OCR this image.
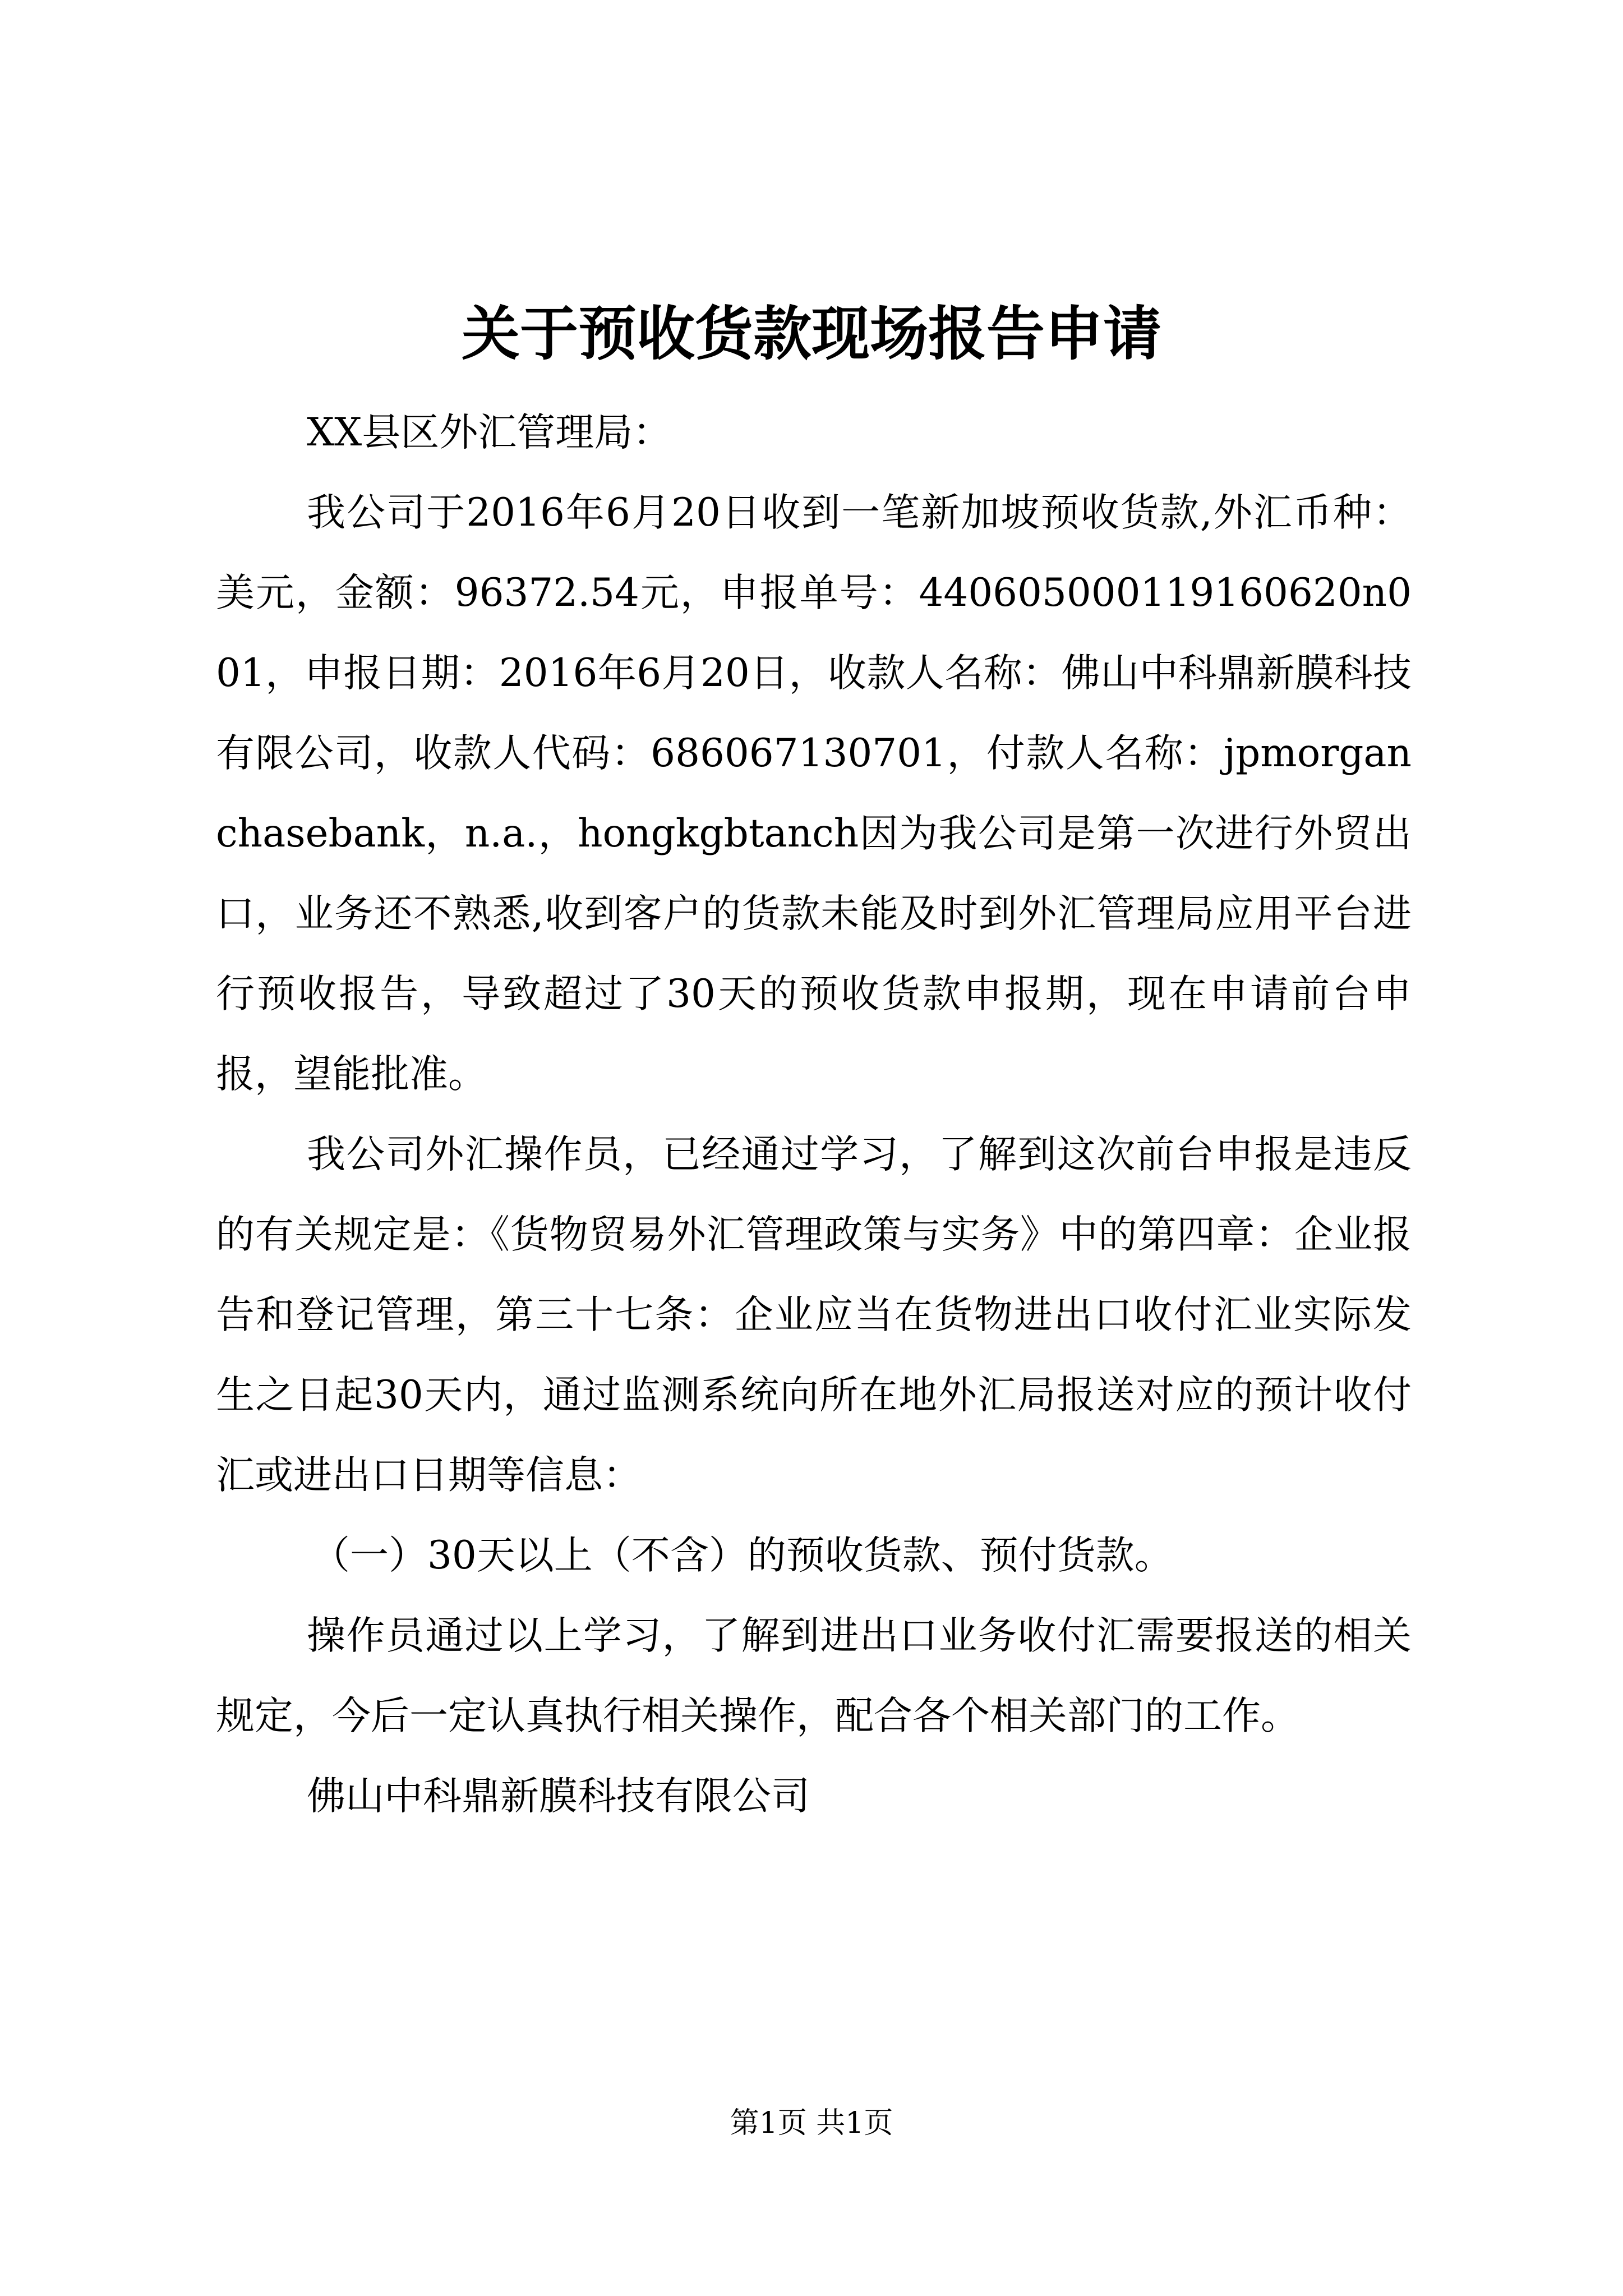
关于预收货款现场报告申请

XX县区外汇管理局：

我公司于2016年6月20日收到一笔新加坡预收货款,外汇币种：美元，金额：96372.54元，申报单号：440605000119160620n001，申报日期：2016年6月20日，收款人名称：佛山中科鼎新膜科技有限公司，收款人代码：686067130701，付款人名称：jpmorganchasebank，n.a.，hongkgbtanch因为我公司是第一次进行外贸出口，业务还不熟悉,收到客户的货款未能及时到外汇管理局应用平台进行预收报告，导致超过了30天的预收货款申报期，现在申请前台申报，望能批准。

我公司外汇操作员，已经通过学习，了解到这次前台申报是违反的有关规定是：《货物贸易外汇管理政策与实务》中的第四章：企业报告和登记管理，第三十七条：企业应当在货物进出口收付汇业实际发生之日起30天内，通过监测系统向所在地外汇局报送对应的预计收付汇或进出口日期等信息：

（一）30天以上（不含）的预收货款、预付货款。

操作员通过以上学习，了解到进出口业务收付汇需要报送的相关规定，今后一定认真执行相关操作，配合各个相关部门的工作。

佛山中科鼎新膜科技有限公司

第1页 共1页
